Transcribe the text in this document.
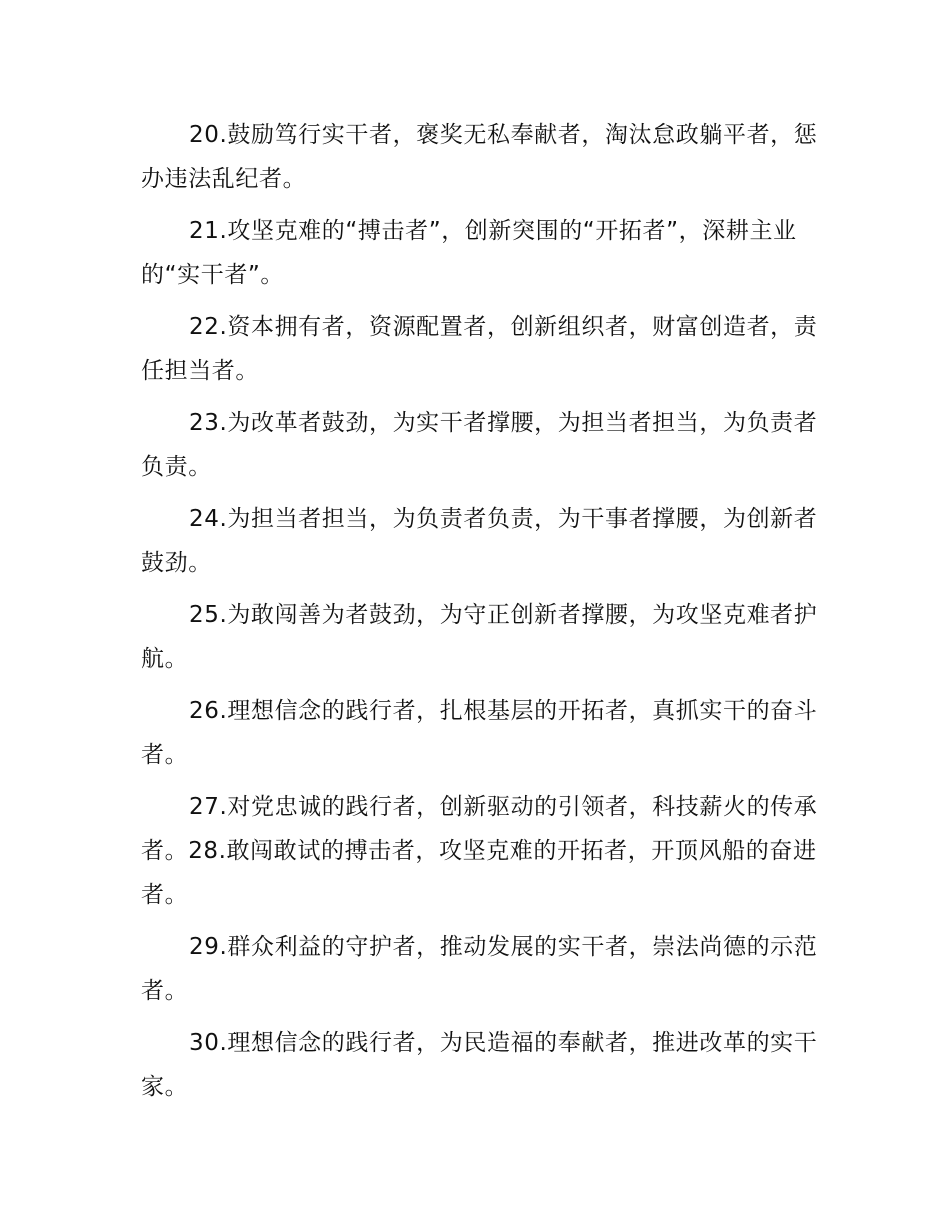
20.鼓励笃行实干者，褒奖无私奉献者，淘汰怠政躺平者，惩办违法乱纪者。

21.攻坚克难的“搏击者”，创新突围的“开拓者”，深耕主业的“实干者”。

22.资本拥有者，资源配置者，创新组织者，财富创造者，责任担当者。

23.为改革者鼓劲，为实干者撑腰，为担当者担当，为负责者负责。

24.为担当者担当，为负责者负责，为干事者撑腰，为创新者鼓劲。

25.为敢闯善为者鼓劲，为守正创新者撑腰，为攻坚克难者护航。

26.理想信念的践行者，扎根基层的开拓者，真抓实干的奋斗者。

27.对党忠诚的践行者，创新驱动的引领者，科技薪火的传承者。28.敢闯敢试的搏击者，攻坚克难的开拓者，开顶风船的奋进者。

29.群众利益的守护者，推动发展的实干者，崇法尚德的示范者。

30.理想信念的践行者，为民造福的奉献者，推进改革的实干家。
